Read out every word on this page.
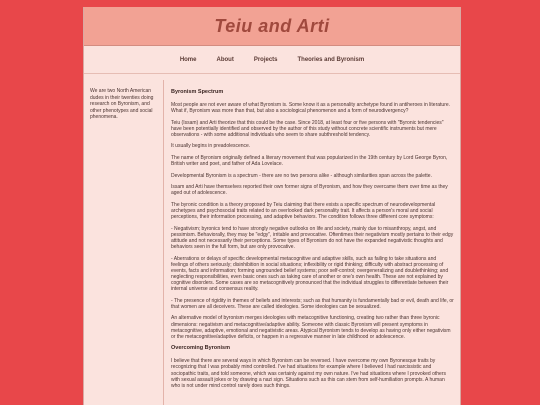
Teiu and Arti
Home	About	Projects	Theories and Byronism

We are two North American dudes in their twenties doing research on Byronism, and other phenotypes and social phenomena.

Byronism Spectrum

Most people are not ever aware of what Byronism is. Some know it as a personality archetype found in antiheroes in literature. What if, Byronism was more than that, but also a sociological phenomenon and a form of neurodivergency?

Teiu (Issam) and Arti theorize that this could be the case. Since 2018, at least four or five persons with "Byronic tendencies" have been potentially identified and observed by the author of this study without concrete scientific instruments but mere observations - with some additional individuals who seem to share subthreshold tendency.

It usually begins in preadolescence.

The name of Byronism originally defined a literary movement that was popularized in the 19th century by Lord George Byron, British writer and poet, and father of Ada Lovelace.

Developmental Byronism is a spectrum - there are no two persons alike - although similarities span across the palette.

Issam and Arti have themselves reported their own former signs of Byronism, and how they overcame them over time as they aged out of adolescence.

The byronic condition is a theory proposed by Teiu claiming that there exists a specific spectrum of neurodevelopmental archetypes and psychosocial traits related to an overlooked dark personality trait. It affects a person's moral and social perceptions, their information processing, and adaptive behaviors. The condition follows three different core symptoms:

- Negativism; byronics tend to have strongly negative outlooks on life and society, mainly due to misanthropy, angst, and pessimism. Behaviorally, they may be "edgy", irritable and provocative. Oftentimes their negativism mostly pertains to their edgy attitude and not necessarily their perceptions. Some types of Byronism do not have the expanded negativistic thoughts and behaviors seen in the full form, but are only provocative.

- Aberrations or delays of specific developmental metacognitive and adaptive skills, such as failing to take situations and feelings of others seriously; disinhibition in social situations; inflexibility or rigid thinking; difficulty with abstract processing of events, facts and information; forming ungrounded belief systems; poor self-control; overgeneralizing and doublethinking; and neglecting responsibilities, even basic ones such as taking care of another or one's own health. These are not explained by cognitive disorders. Some cases are so metacognitively pronounced that the individual struggles to differentiate between their internal universe and consensus reality.

- The presence of rigidity in themes of beliefs and interests; such as that humanity is fundamentally bad or evil, death and life, or that women are all deceivers. These are called ideologies. Some ideologies can be sexualized.

An alternative model of byronism merges ideologies with metacognitive functioning, creating two rather than three byronic dimensions: negativism and metacognitive/adaptive ability. Someone with classic Byronism will present symptoms in metacognitive, adaptive, emotional and negativistic areas. Atypical Byronism tends to develop as having only either negativism or the metacognitive/adaptive deficits, or happen in a regressive manner in late childhood or adolescence.

Overcoming Byronism

I believe that there are several ways in which Byronism can be reversed. I have overcome my own Byronesque traits by recognizing that I was probably mind controlled. I've had situations for example where I believed I had narcissistic and sociopathic traits, and told someone, which was certainly against my own nature. I've had situations where I provoked others with sexual assault jokes or by drawing a nazi sign. Situations such as this can stem from self-humiliation prompts. A human who is not under mind control rarely does such things.
